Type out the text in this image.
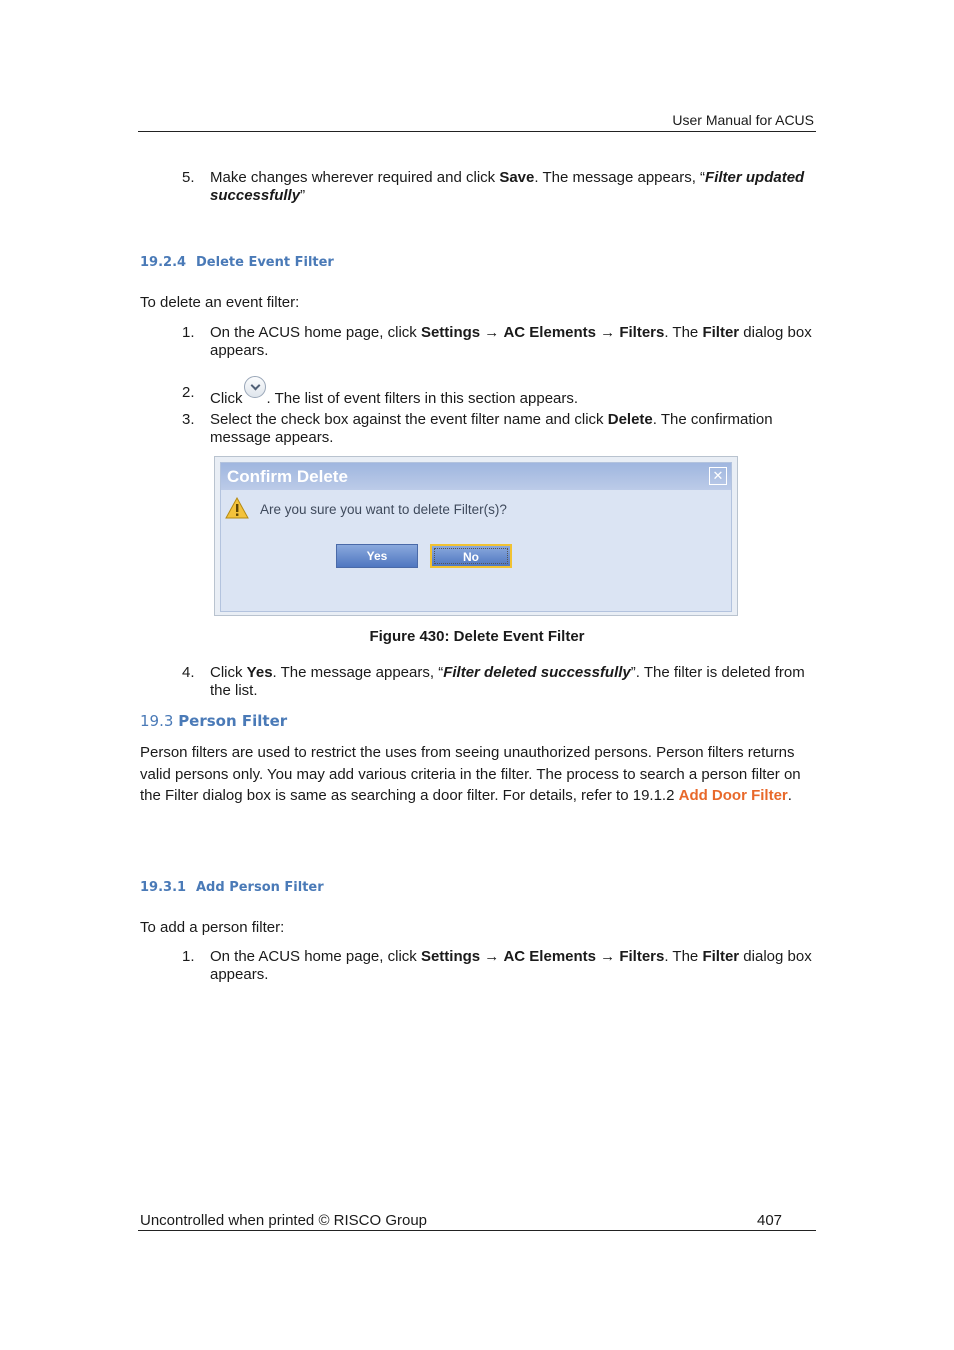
User Manual for ACUS
5.	Make changes wherever required and click Save. The message appears, “Filter updated successfully”
19.2.4 Delete Event Filter
To delete an event filter:
1.	On the ACUS home page, click Settings → AC Elements → Filters. The Filter dialog box appears.
2.	Click . The list of event filters in this section appears.
3.	Select the check box against the event filter name and click Delete. The confirmation message appears.
Confirm Delete	✕
Are you sure you want to delete Filter(s)?
Yes	No
Figure 430: Delete Event Filter
4.	Click Yes. The message appears, “Filter deleted successfully”. The filter is deleted from the list.
19.3 Person Filter
Person filters are used to restrict the uses from seeing unauthorized persons. Person filters returns valid persons only. You may add various criteria in the filter. The process to search a person filter on the Filter dialog box is same as searching a door filter. For details, refer to 19.1.2 Add Door Filter.
19.3.1 Add Person Filter
To add a person filter:
1.	On the ACUS home page, click Settings → AC Elements → Filters. The Filter dialog box appears.
Uncontrolled when printed © RISCO Group	407
